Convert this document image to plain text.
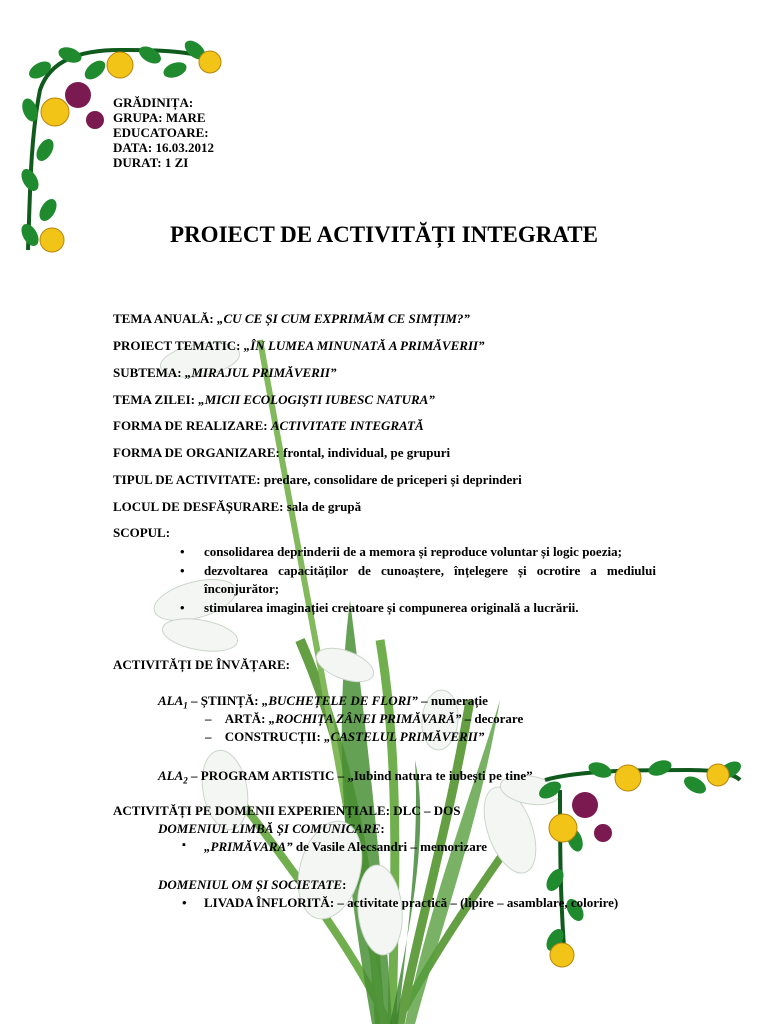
GRĂDINIȚA:
GRUPA: MARE
EDUCATOARE:
DATA: 16.03.2012
DURAT: 1 ZI
PROIECT DE ACTIVITĂȚI INTEGRATE
TEMA ANUALĂ: „CU CE ȘI CUM EXPRIMĂM CE SIMȚIM?”
PROIECT TEMATIC: „ÎN LUMEA MINUNATĂ A PRIMĂVERII”
SUBTEMA: „MIRAJUL PRIMĂVERII”
TEMA ZILEI: „MICII ECOLOGIȘTI IUBESC NATURA”
FORMA DE REALIZARE: ACTIVITATE INTEGRATĂ
FORMA DE ORGANIZARE: frontal, individual, pe grupuri
TIPUL DE ACTIVITATE: predare, consolidare de priceperi și deprinderi
LOCUL DE DESFĂȘURARE: sala de grupă
SCOPUL:
• consolidarea deprinderii de a memora și reproduce voluntar și logic poezia;
• dezvoltarea capacităților de cunoaștere, înțelegere și ocrotire a mediului înconjurător;
• stimularea imaginației creatoare și compunerea originală a lucrării.
ACTIVITĂȚI DE ÎNVĂȚARE:
$ALA_1$ – ȘTIINȚĂ: „BUCHEȚELE DE FLORI” – numerație
– ARTĂ: „ROCHIȚA ZÂNEI PRIMĂVARĂ” – decorare
– CONSTRUCȚII: „CASTELUL PRIMĂVERII”
$ALA_2$ – PROGRAM ARTISTIC – „Iubind natura te iubești pe tine”
ACTIVITĂȚI PE DOMENII EXPERIENȚIALE: DLC – DOS
DOMENIUL LIMBĂ ȘI COMUNICARE:
▪ „PRIMĂVARA” de Vasile Alecsandri – memorizare
DOMENIUL OM ȘI SOCIETATE:
• LIVADA ÎNFLORITĂ: – activitate practică – (lipire – asamblare, colorire)
